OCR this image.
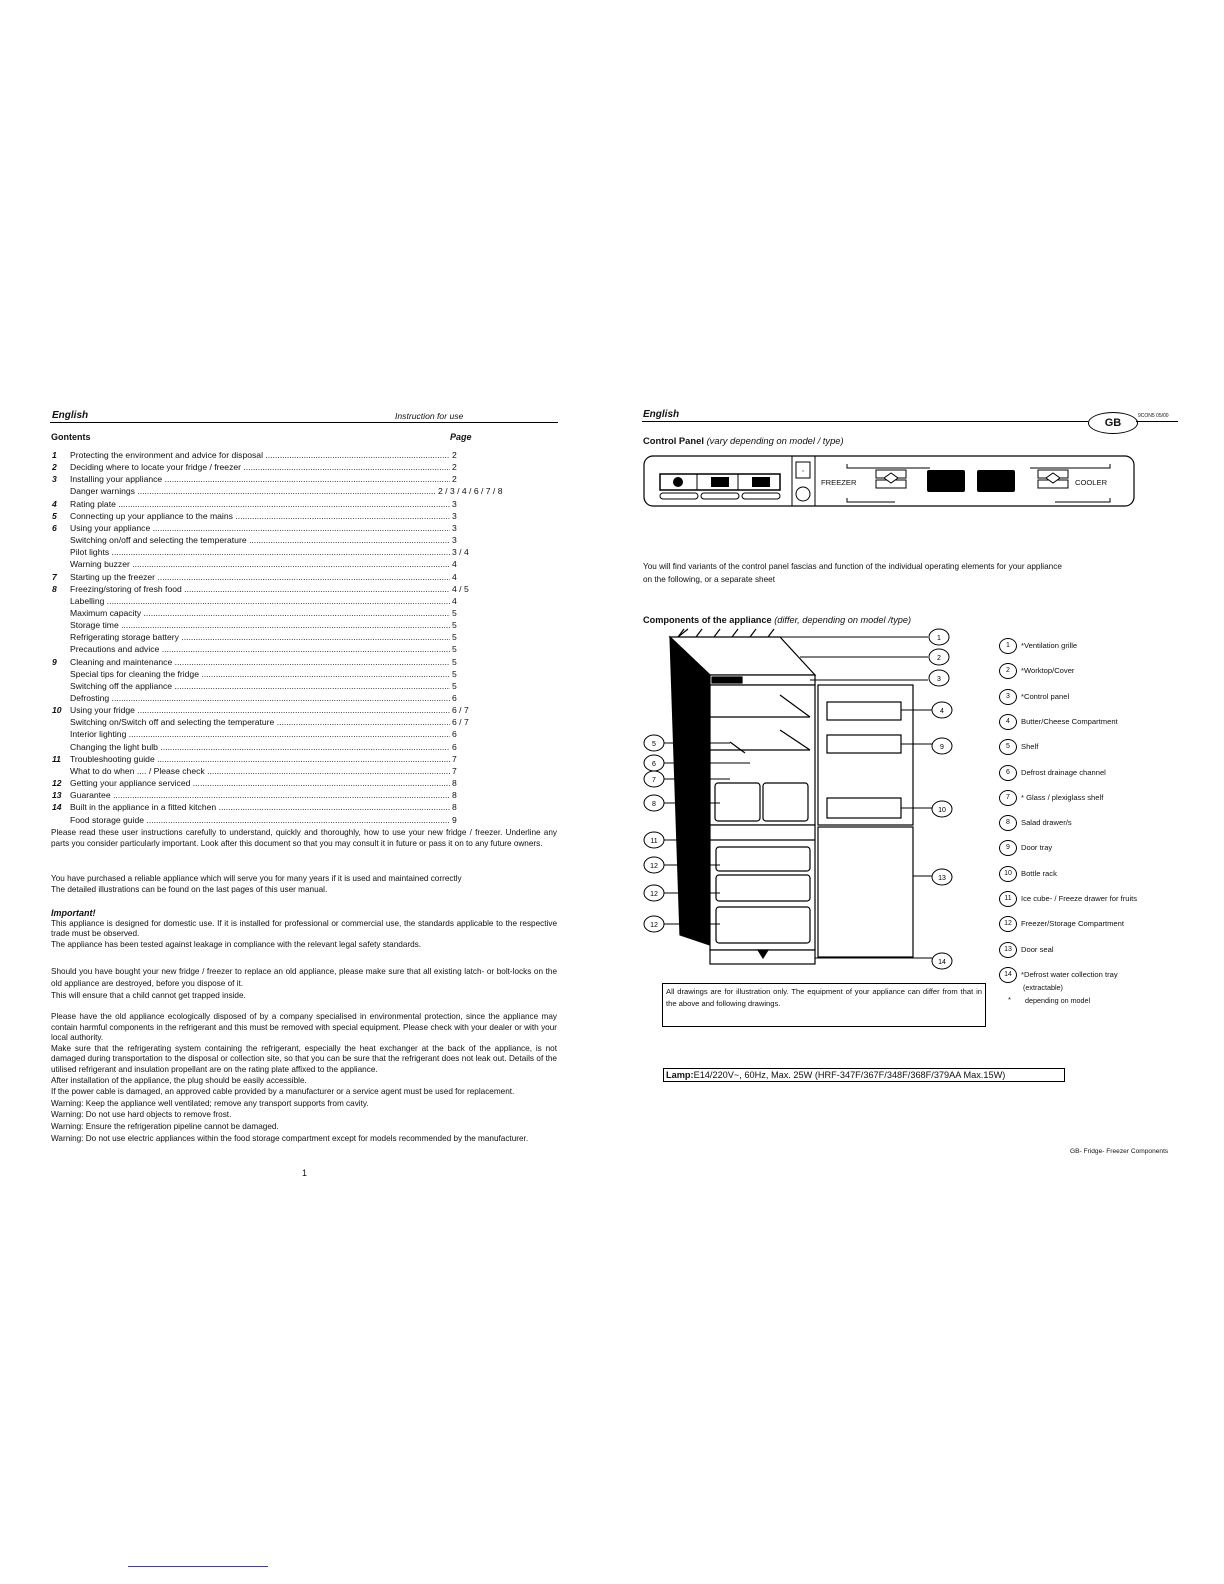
English	Instruction for use
Gontents	Page
1	Protecting the environment and advice for disposal .....	2
2	Deciding where to locate your fridge / freezer .....	2
3	Installing your appliance .....	2
Danger warnings .....	2 / 3 / 4 / 6 / 7 / 8
4	Rating plate .....	3
5	Connecting up your appliance to the mains .....	3
6	Using your appliance .....	3
Switching on/off and selecting the temperature .....	3
Pilot lights .....	3 / 4
Warning buzzer .....	4
7	Starting up the freezer .....	4
8	Freezing/storing of fresh food .....	4 / 5
Labelling .....	4
Maximum capacity .....	5
Storage time .....	5
Refrigerating storage battery .....	5
Precautions and advice .....	5
9	Cleaning and maintenance .....	5
Special tips for cleaning the fridge .....	5
Switching off the appliance .....	5
Defrosting .....	6
10 Using your fridge .....	6 / 7
Switching on/Switch off and selecting the temperature .....	6 / 7
Interior lighting .....	6
Changing the light bulb .....	6
11	Troubleshooting guide .....	7
What to do when .... / Please check .....	7
12 Getting your appliance serviced .....	8
13 Guarantee .....	8
14 Built in the appliance in a fitted kitchen .....	8
Food storage guide .....	9

Please read these user instructions carefully to understand, quickly and thoroughly, how to use your new fridge / freezer. Underline any parts you consider particularly important. Look after this document so that you may consult it in future or pass it on to any future owners.

You have purchased a reliable appliance which will serve you for many years if it is used and maintained correctly

The detailed illustrations can be found on the last pages of this user manual.

Important!

This appliance is designed for domestic use. If it is installed for professional or commercial use, the standards applicable to the respective trade must be observed.

The appliance has been tested against leakage in compliance with the relevant legal safety standards.

Should you have bought your new fridge / freezer to replace an old appliance, please make sure that all existing latch- or bolt-locks on the old appliance are destroyed, before you dispose of it.

This will ensure that a child cannot get trapped inside.

Please have the old appliance ecologically disposed of by a company specialised in environmental protection, since the appliance may contain harmful components in the refrigerant and this must be removed with special equipment. Please check with your dealer or with your local authority.

Make sure that the refrigerating system containing the refrigerant, especially the heat exchanger at the back of the appliance, is not damaged during transportation to the disposal or collection site, so that you can be sure that the refrigerant does not leak out. Details of the utilised refrigerant and insulation propellant are on the rating plate affixed to the appliance.

After installation of the appliance, the plug should be easily accessible.

If the power cable is damaged, an approved cable provided by a manufacturer or a service agent must be used for replacement.

Warning: Keep the appliance well ventilated; remove any transport supports from cavity.

Warning: Do not use hard objects to remove frost.

Warning: Ensure the refrigeration pipeline cannot be damaged.

Warning: Do not use electric appliances within the food storage compartment except for models recommended by the manufacturer.

1
English
GB
9CON5 05/00
Control Panel (vary depending on model / type)
·
FREEZER	COOLER
You will find variants of the control panel fascias and function of the individual operating elements for your appliance
on the following, or a separate sheet
Components of the appliance (differ, depending on model /type)
1
2
3
4
9
10
13
14
5
6
7
8
11
12
12
12
1 *Ventilation grille
2 *Worktop/Cover
3 *Control panel
4 Butter/Cheese Compartment
5 Shelf
6 Defrost drainage channel
7 * Glass / plexiglass shelf
8 Salad drawer/s
9 Door tray
10 Bottle rack
11 Ice cube- / Freeze drawer for fruits
12 Freezer/Storage Compartment
13 Door seal
14 *Defrost water collection tray
(extractable)
* depending on model
All drawings are for illustration only. The equipment of your appliance can differ from that in the above and following drawings.
Lamp:E14/220V~, 60Hz, Max. 25W (HRF-347F/367F/348F/368F/379AA Max.15W)
GB- Fridge- Freezer Components
